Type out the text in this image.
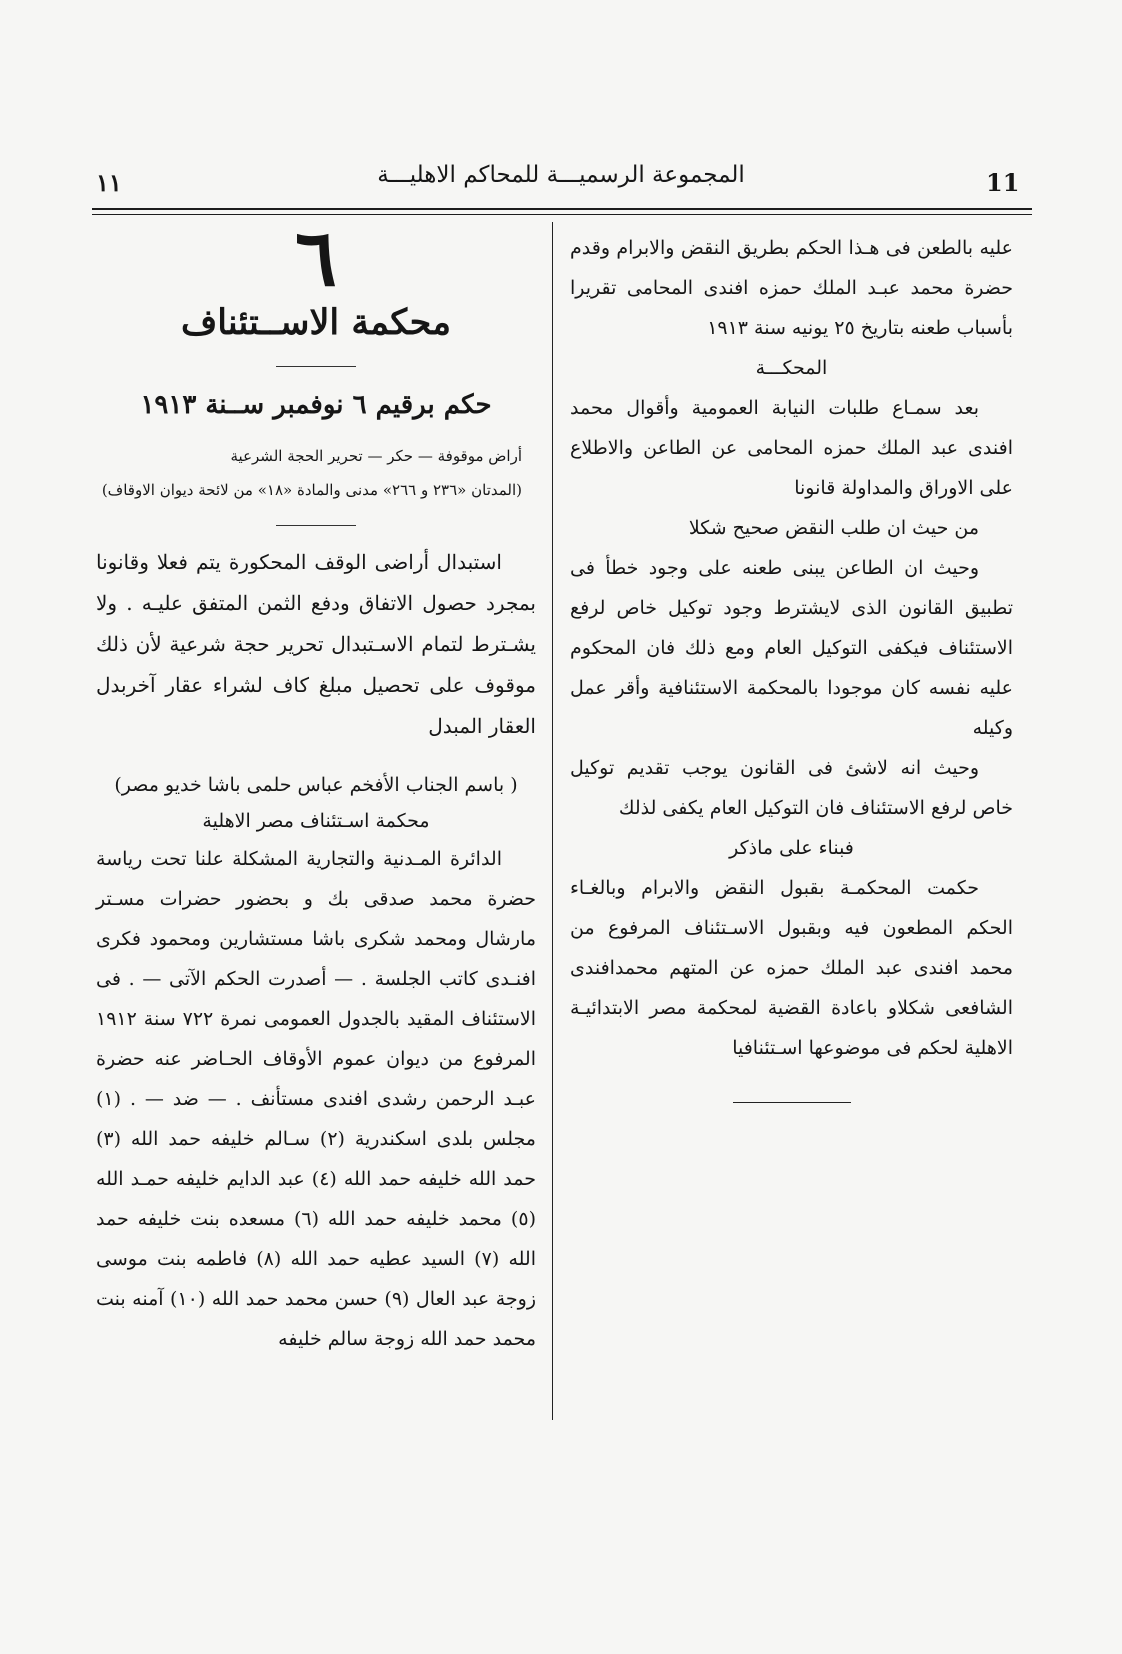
11
المجموعة الرسميـــة للمحاكم الاهليـــة
١١

عليه بالطعن فى هـذا الحكم بطريق النقض والابرام وقدم حضرة محمد عبـد الملك حمزه افندى المحامى تقريرا بأسباب طعنه بتاريخ ٢٥ يونيه سنة ١٩١٣

المحكـــة

بعد سمـاع طلبات النيابة العمومية وأقوال محمد افندى عبد الملك حمزه المحامى عن الطاعن والاطلاع على الاوراق والمداولة قانونا

من حيث ان طلب النقض صحيح شكلا

وحيث ان الطاعن يبنى طعنه على وجود خطأ فى تطبيق القانون الذى لايشترط وجود توكيل خاص لرفع الاستئناف فيكفى التوكيل العام ومع ذلك فان المحكوم عليه نفسه كان موجودا بالمحكمة الاستئنافية وأقر عمل وكيله

وحيث انه لاشئ فى القانون يوجب تقديم توكيل خاص لرفع الاستئناف فان التوكيل العام يكفى لذلك

فبناء على ماذكر

حكمت المحكمـة بقبول النقض والابرام وبالغـاء الحكم المطعون فيه وبقبول الاسـتئناف المرفوع من محمد افندى عبد الملك حمزه عن المتهم محمدافندى الشافعى شكلاو باعادة القضية لمحكمة مصر الابتدائيـة الاهلية لحكم فى موضوعها اسـتئنافيا

٦
محكمة الاســتئناف
حكم برقيم ٦ نوفمبر ســنة ١٩١٣
أراض موقوفة — حكر — تحرير الحجة الشرعية
(المدتان «٢٣٦ و ٢٦٦» مدنى والمادة «١٨» من لائحة ديوان الاوقاف)

استبدال أراضى الوقف المحكورة يتم فعلا وقانونا بمجرد حصول الاتفاق ودفع الثمن المتفق عليـه . ولا يشـترط لتمام الاسـتبدال تحرير حجة شرعية لأن ذلك موقوف على تحصيل مبلغ كاف لشراء عقار آخربدل العقار المبدل

( باسم الجناب الأفخم عباس حلمى باشا خديو مصر)

محكمة اسـتئناف مصر الاهلية

الدائرة المـدنية والتجارية المشكلة علنا تحت رياسة حضرة محمد صدقى بك و بحضور حضرات مسـتر مارشال ومحمد شكرى باشا مستشارين ومحمود فكرى افنـدى كاتب الجلسة . — أصدرت الحكم الآتى — . فى الاستئناف المقيد بالجدول العمومى نمرة ٧٢٢ سنة ١٩١٢ المرفوع من ديوان عموم الأوقاف الحـاضر عنه حضرة عبـد الرحمن رشدى افندى مستأنف . — ضد — . (١) مجلس بلدى اسكندرية (٢) سـالم خليفه حمد الله (٣) حمد الله خليفه حمد الله (٤) عبد الدايم خليفه حمـد الله (٥) محمد خليفه حمد الله (٦) مسعده بنت خليفه حمد الله (٧) السيد عطيه حمد الله (٨) فاطمه بنت موسى زوجة عبد العال (٩) حسن محمد حمد الله (١٠) آمنه بنت محمد حمد الله زوجة سالم خليفه
